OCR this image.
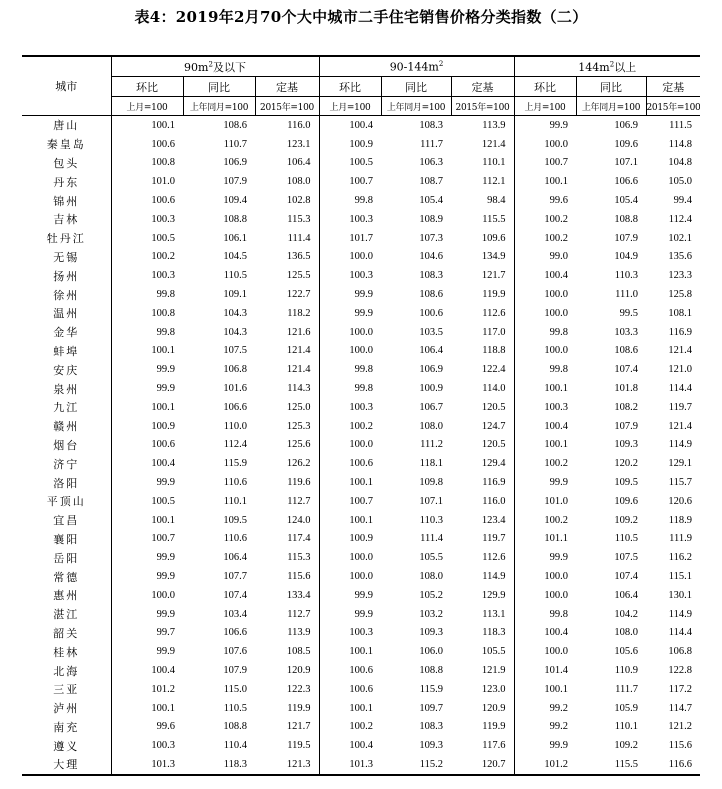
表4：2019年2月70个大中城市二手住宅销售价格分类指数（二）
城市	$90m^2$及以下			$90-144m^2$			$144m^2$以上		
	环比	同比	定基	环比	同比	定基	环比	同比	定基
	上月=100	上年同月=100	2015年=100	上月=100	上年同月=100	2015年=100	上月=100	上年同月=100	2015年=100
唐山	100.1	108.6	116.0	100.4	108.3	113.9	99.9	106.9	111.5
秦皇岛	100.6	110.7	123.1	100.9	111.7	121.4	100.0	109.6	114.8
包头	100.8	106.9	106.4	100.5	106.3	110.1	100.7	107.1	104.8
丹东	101.0	107.9	108.0	100.7	108.7	112.1	100.1	106.6	105.0
锦州	100.6	109.4	102.8	99.8	105.4	98.4	99.6	105.4	99.4
吉林	100.3	108.8	115.3	100.3	108.9	115.5	100.2	108.8	112.4
牡丹江	100.5	106.1	111.4	101.7	107.3	109.6	100.2	107.9	102.1
无锡	100.2	104.5	136.5	100.0	104.6	134.9	99.0	104.9	135.6
扬州	100.3	110.5	125.5	100.3	108.3	121.7	100.4	110.3	123.3
徐州	99.8	109.1	122.7	99.9	108.6	119.9	100.0	111.0	125.8
温州	100.8	104.3	118.2	99.9	100.6	112.6	100.0	99.5	108.1
金华	99.8	104.3	121.6	100.0	103.5	117.0	99.8	103.3	116.9
蚌埠	100.1	107.5	121.4	100.0	106.4	118.8	100.0	108.6	121.4
安庆	99.9	106.8	121.4	99.8	106.9	122.4	99.8	107.4	121.0
泉州	99.9	101.6	114.3	99.8	100.9	114.0	100.1	101.8	114.4
九江	100.1	106.6	125.0	100.3	106.7	120.5	100.3	108.2	119.7
赣州	100.9	110.0	125.3	100.2	108.0	124.7	100.4	107.9	121.4
烟台	100.6	112.4	125.6	100.0	111.2	120.5	100.1	109.3	114.9
济宁	100.4	115.9	126.2	100.6	118.1	129.4	100.2	120.2	129.1
洛阳	99.9	110.6	119.6	100.1	109.8	116.9	99.9	109.5	115.7
平顶山	100.5	110.1	112.7	100.7	107.1	116.0	101.0	109.6	120.6
宜昌	100.1	109.5	124.0	100.1	110.3	123.4	100.2	109.2	118.9
襄阳	100.7	110.6	117.4	100.9	111.4	119.7	101.1	110.5	111.9
岳阳	99.9	106.4	115.3	100.0	105.5	112.6	99.9	107.5	116.2
常德	99.9	107.7	115.6	100.0	108.0	114.9	100.0	107.4	115.1
惠州	100.0	107.4	133.4	99.9	105.2	129.9	100.0	106.4	130.1
湛江	99.9	103.4	112.7	99.9	103.2	113.1	99.8	104.2	114.9
韶关	99.7	106.6	113.9	100.3	109.3	118.3	100.4	108.0	114.4
桂林	99.9	107.6	108.5	100.1	106.0	105.5	100.0	105.6	106.8
北海	100.4	107.9	120.9	100.6	108.8	121.9	101.4	110.9	122.8
三亚	101.2	115.0	122.3	100.6	115.9	123.0	100.1	111.7	117.2
泸州	100.1	110.5	119.9	100.1	109.7	120.9	99.2	105.9	114.7
南充	99.6	108.8	121.7	100.2	108.3	119.9	99.2	110.1	121.2
遵义	100.3	110.4	119.5	100.4	109.3	117.6	99.9	109.2	115.6
大理	101.3	118.3	121.3	101.3	115.2	120.7	101.2	115.5	116.6
